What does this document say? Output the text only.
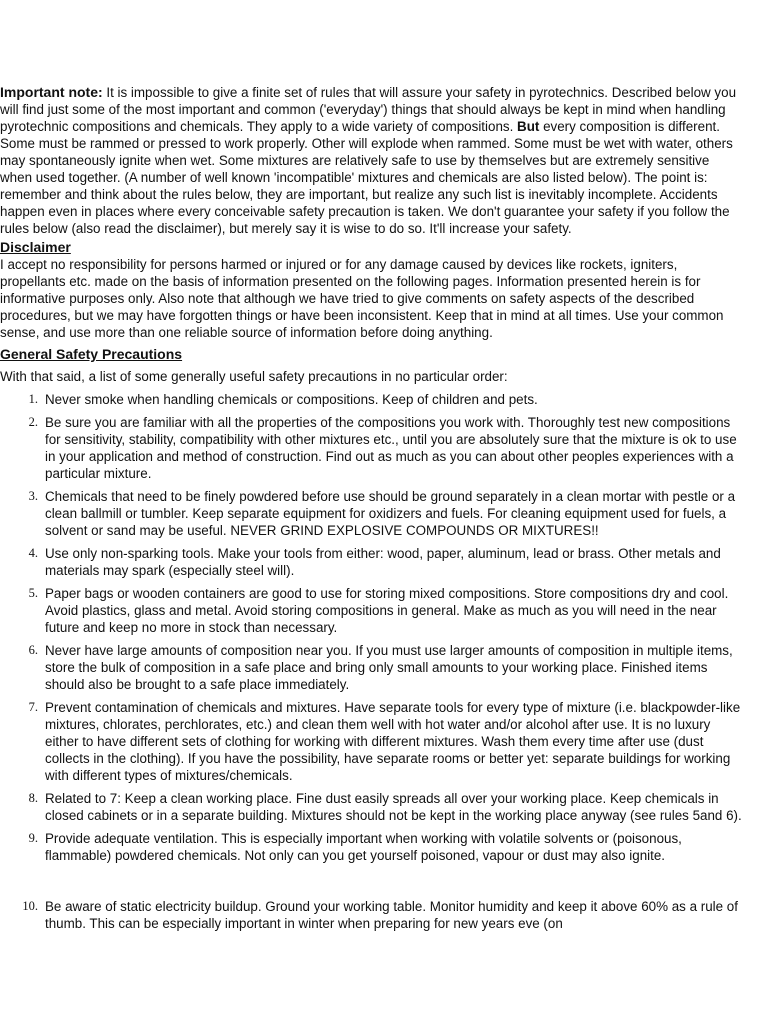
Important note: It is impossible to give a finite set of rules that will assure your safety in pyrotechnics. Described below you will find just some of the most important and common ('everyday') things that should always be kept in mind when handling pyrotechnic compositions and chemicals. They apply to a wide variety of compositions. But every composition is different. Some must be rammed or pressed to work properly. Other will explode when rammed. Some must be wet with water, others may spontaneously ignite when wet. Some mixtures are relatively safe to use by themselves but are extremely sensitive when used together. (A number of well known 'incompatible' mixtures and chemicals are also listed below). The point is: remember and think about the rules below, they are important, but realize any such list is inevitably incomplete. Accidents happen even in places where every conceivable safety precaution is taken. We don't guarantee your safety if you follow the rules below (also read the disclaimer), but merely say it is wise to do so. It'll increase your safety.

Disclaimer

I accept no responsibility for persons harmed or injured or for any damage caused by devices like rockets, igniters, propellants etc. made on the basis of information presented on the following pages. Information presented herein is for informative purposes only. Also note that although we have tried to give comments on safety aspects of the described procedures, but we may have forgotten things or have been inconsistent. Keep that in mind at all times. Use your common sense, and use more than one reliable source of information before doing anything.

General Safety Precautions

With that said, a list of some generally useful safety precautions in no particular order:

1. Never smoke when handling chemicals or compositions. Keep of children and pets.
2. Be sure you are familiar with all the properties of the compositions you work with. Thoroughly test new compositions for sensitivity, stability, compatibility with other mixtures etc., until you are absolutely sure that the mixture is ok to use in your application and method of construction. Find out as much as you can about other peoples experiences with a particular mixture.
3. Chemicals that need to be finely powdered before use should be ground separately in a clean mortar with pestle or a clean ballmill or tumbler. Keep separate equipment for oxidizers and fuels. For cleaning equipment used for fuels, a solvent or sand may be useful. NEVER GRIND EXPLOSIVE COMPOUNDS OR MIXTURES!!
4. Use only non-sparking tools. Make your tools from either: wood, paper, aluminum, lead or brass. Other metals and materials may spark (especially steel will).
5. Paper bags or wooden containers are good to use for storing mixed compositions. Store compositions dry and cool. Avoid plastics, glass and metal. Avoid storing compositions in general. Make as much as you will need in the near future and keep no more in stock than necessary.
6. Never have large amounts of composition near you. If you must use larger amounts of composition in multiple items, store the bulk of composition in a safe place and bring only small amounts to your working place. Finished items should also be brought to a safe place immediately.
7. Prevent contamination of chemicals and mixtures. Have separate tools for every type of mixture (i.e. blackpowder-like mixtures, chlorates, perchlorates, etc.) and clean them well with hot water and/or alcohol after use. It is no luxury either to have different sets of clothing for working with different mixtures. Wash them every time after use (dust collects in the clothing). If you have the possibility, have separate rooms or better yet: separate buildings for working with different types of mixtures/chemicals.
8. Related to 7: Keep a clean working place. Fine dust easily spreads all over your working place. Keep chemicals in closed cabinets or in a separate building. Mixtures should not be kept in the working place anyway (see rules 5and 6).
9. Provide adequate ventilation. This is especially important when working with volatile solvents or (poisonous, flammable) powdered chemicals. Not only can you get yourself poisoned, vapour or dust may also ignite.
10. Be aware of static electricity buildup. Ground your working table. Monitor humidity and keep it above 60% as a rule of thumb. This can be especially important in winter when preparing for new years eve (on
